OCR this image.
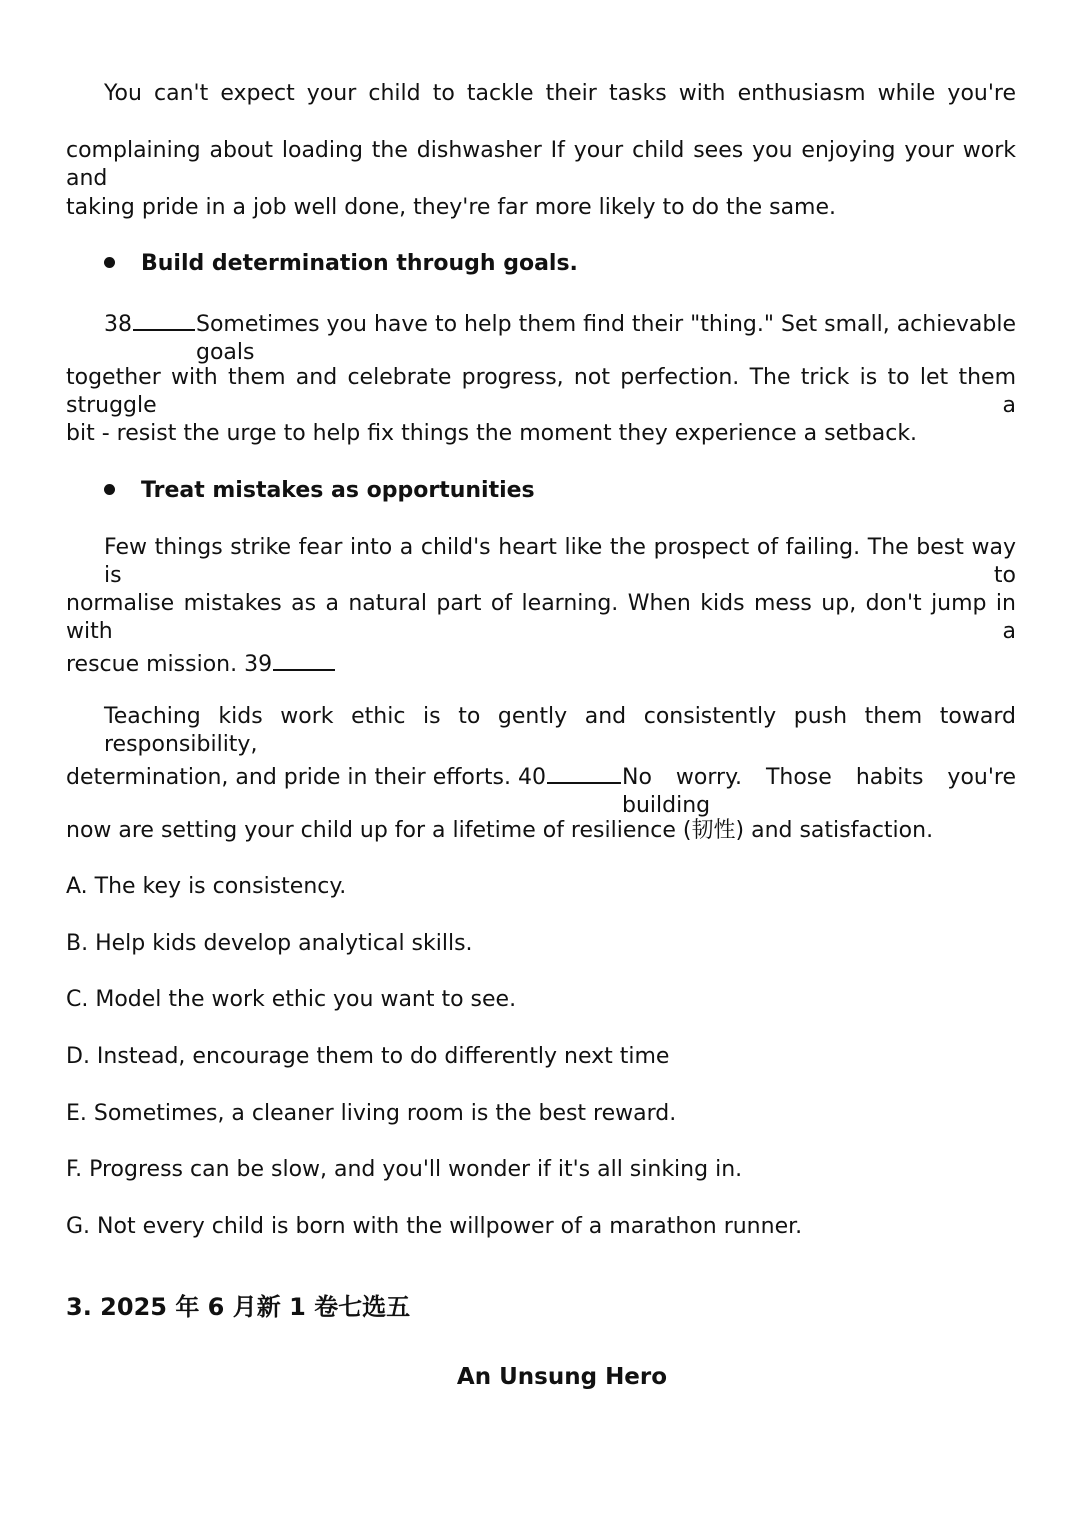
You can't expect your child to tackle their tasks with enthusiasm while you're
complaining about loading the dishwasher If your child sees you enjoying your work and
taking pride in a job well done, they're far more likely to do the same.
Build determination through goals.
38	Sometimes you have to help them find their "thing." Set small, achievable goals
together with them and celebrate progress, not perfection. The trick is to let them struggle a
bit - resist the urge to help fix things the moment they experience a setback.
Treat mistakes as opportunities
Few things strike fear into a child's heart like the prospect of failing. The best way is to
normalise mistakes as a natural part of learning. When kids mess up, don't jump in with a
rescue mission. 39
Teaching kids work ethic is to gently and consistently push them toward responsibility,
determination, and pride in their efforts. 40	No worry. Those habits you're building
now are setting your child up for a lifetime of resilience (韧性) and satisfaction.
A. The key is consistency.
B. Help kids develop analytical skills.
C. Model the work ethic you want to see.
D. Instead, encourage them to do differently next time
E. Sometimes, a cleaner living room is the best reward.
F. Progress can be slow, and you'll wonder if it's all sinking in.
G. Not every child is born with the willpower of a marathon runner.
3. 2025 年 6 月新 1 卷七选五
An Unsung Hero
